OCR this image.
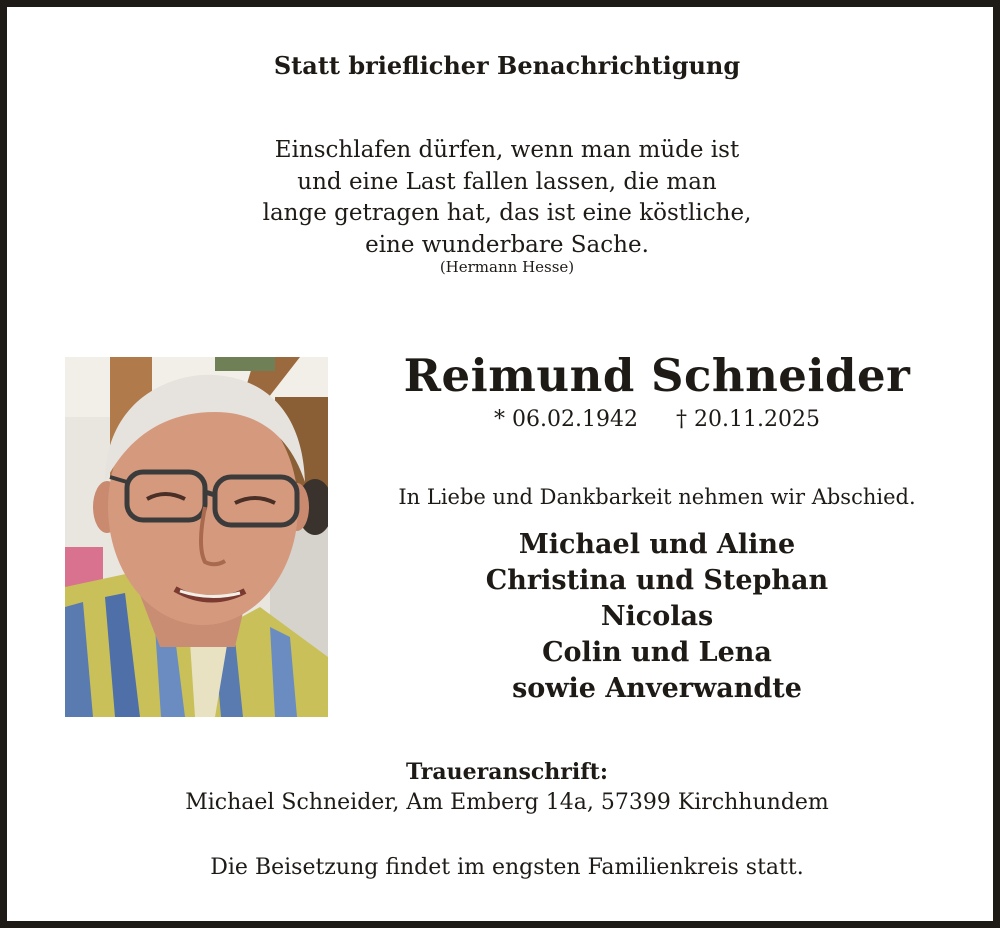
Statt brieflicher Benachrichtigung
Einschlafen dürfen, wenn man müde ist
und eine Last fallen lassen, die man
lange getragen hat, das ist eine köstliche,
eine wunderbare Sache.
(Hermann Hesse)
Reimund Schneider
* 06.02.1942 † 20.11.2025
In Liebe und Dankbarkeit nehmen wir Abschied.
Michael und Aline
Christina und Stephan
Nicolas
Colin und Lena
sowie Anverwandte
Traueranschrift:
Michael Schneider, Am Emberg 14a, 57399 Kirchhundem
Die Beisetzung findet im engsten Familienkreis statt.
